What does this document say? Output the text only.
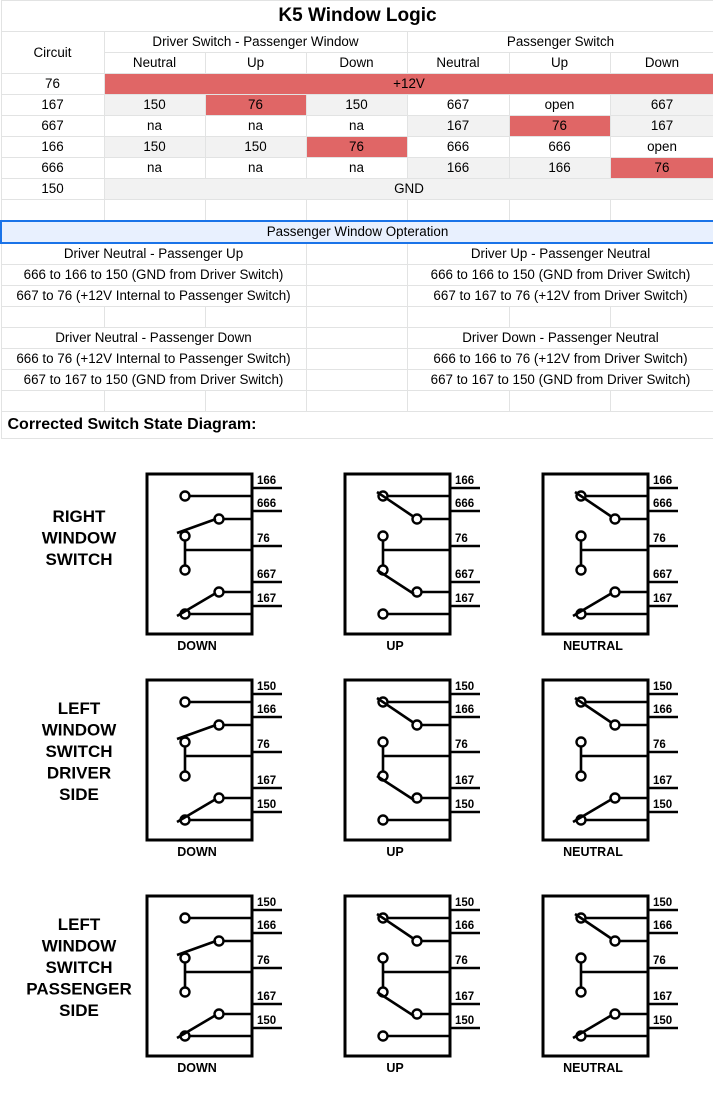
K5 Window Logic						
Circuit	Driver Switch - Passenger Window			Passenger Switch		
	Neutral	Up	Down	Neutral	Up	Down
76	+12V					
167	150	76	150	667	open	667
667	na	na	na	167	76	167
166	150	150	76	666	666	open
666	na	na	na	166	166	76
150	GND					

Passenger Window Opteration						
Driver Neutral - Passenger Up				Driver Up - Passenger Neutral		
666 to 166 to 150 (GND from Driver Switch)				666 to 166 to 150 (GND from Driver Switch)		
667 to 76 (+12V Internal to Passenger Switch)				667 to 167 to 76 (+12V from Driver Switch)		

Driver Neutral - Passenger Down				Driver Down - Passenger Neutral		
666 to 76 (+12V Internal to Passenger Switch)				666 to 166 to 76 (+12V from Driver Switch)		
667 to 167 to 150 (GND from Driver Switch)				667 to 167 to 150 (GND from Driver Switch)		

Corrected Switch State Diagram:						
RIGHT
WINDOW
SWITCH
166
666
76
667
167
DOWN
166
666
76
667
167
UP
166
666
76
667
167
NEUTRAL
LEFT
WINDOW
SWITCH
DRIVER
SIDE
150
166
76
167
150
DOWN
150
166
76
167
150
UP
150
166
76
167
150
NEUTRAL
LEFT
WINDOW
SWITCH
PASSENGER
SIDE
150
166
76
167
150
DOWN
150
166
76
167
150
UP
150
166
76
167
150
NEUTRAL
